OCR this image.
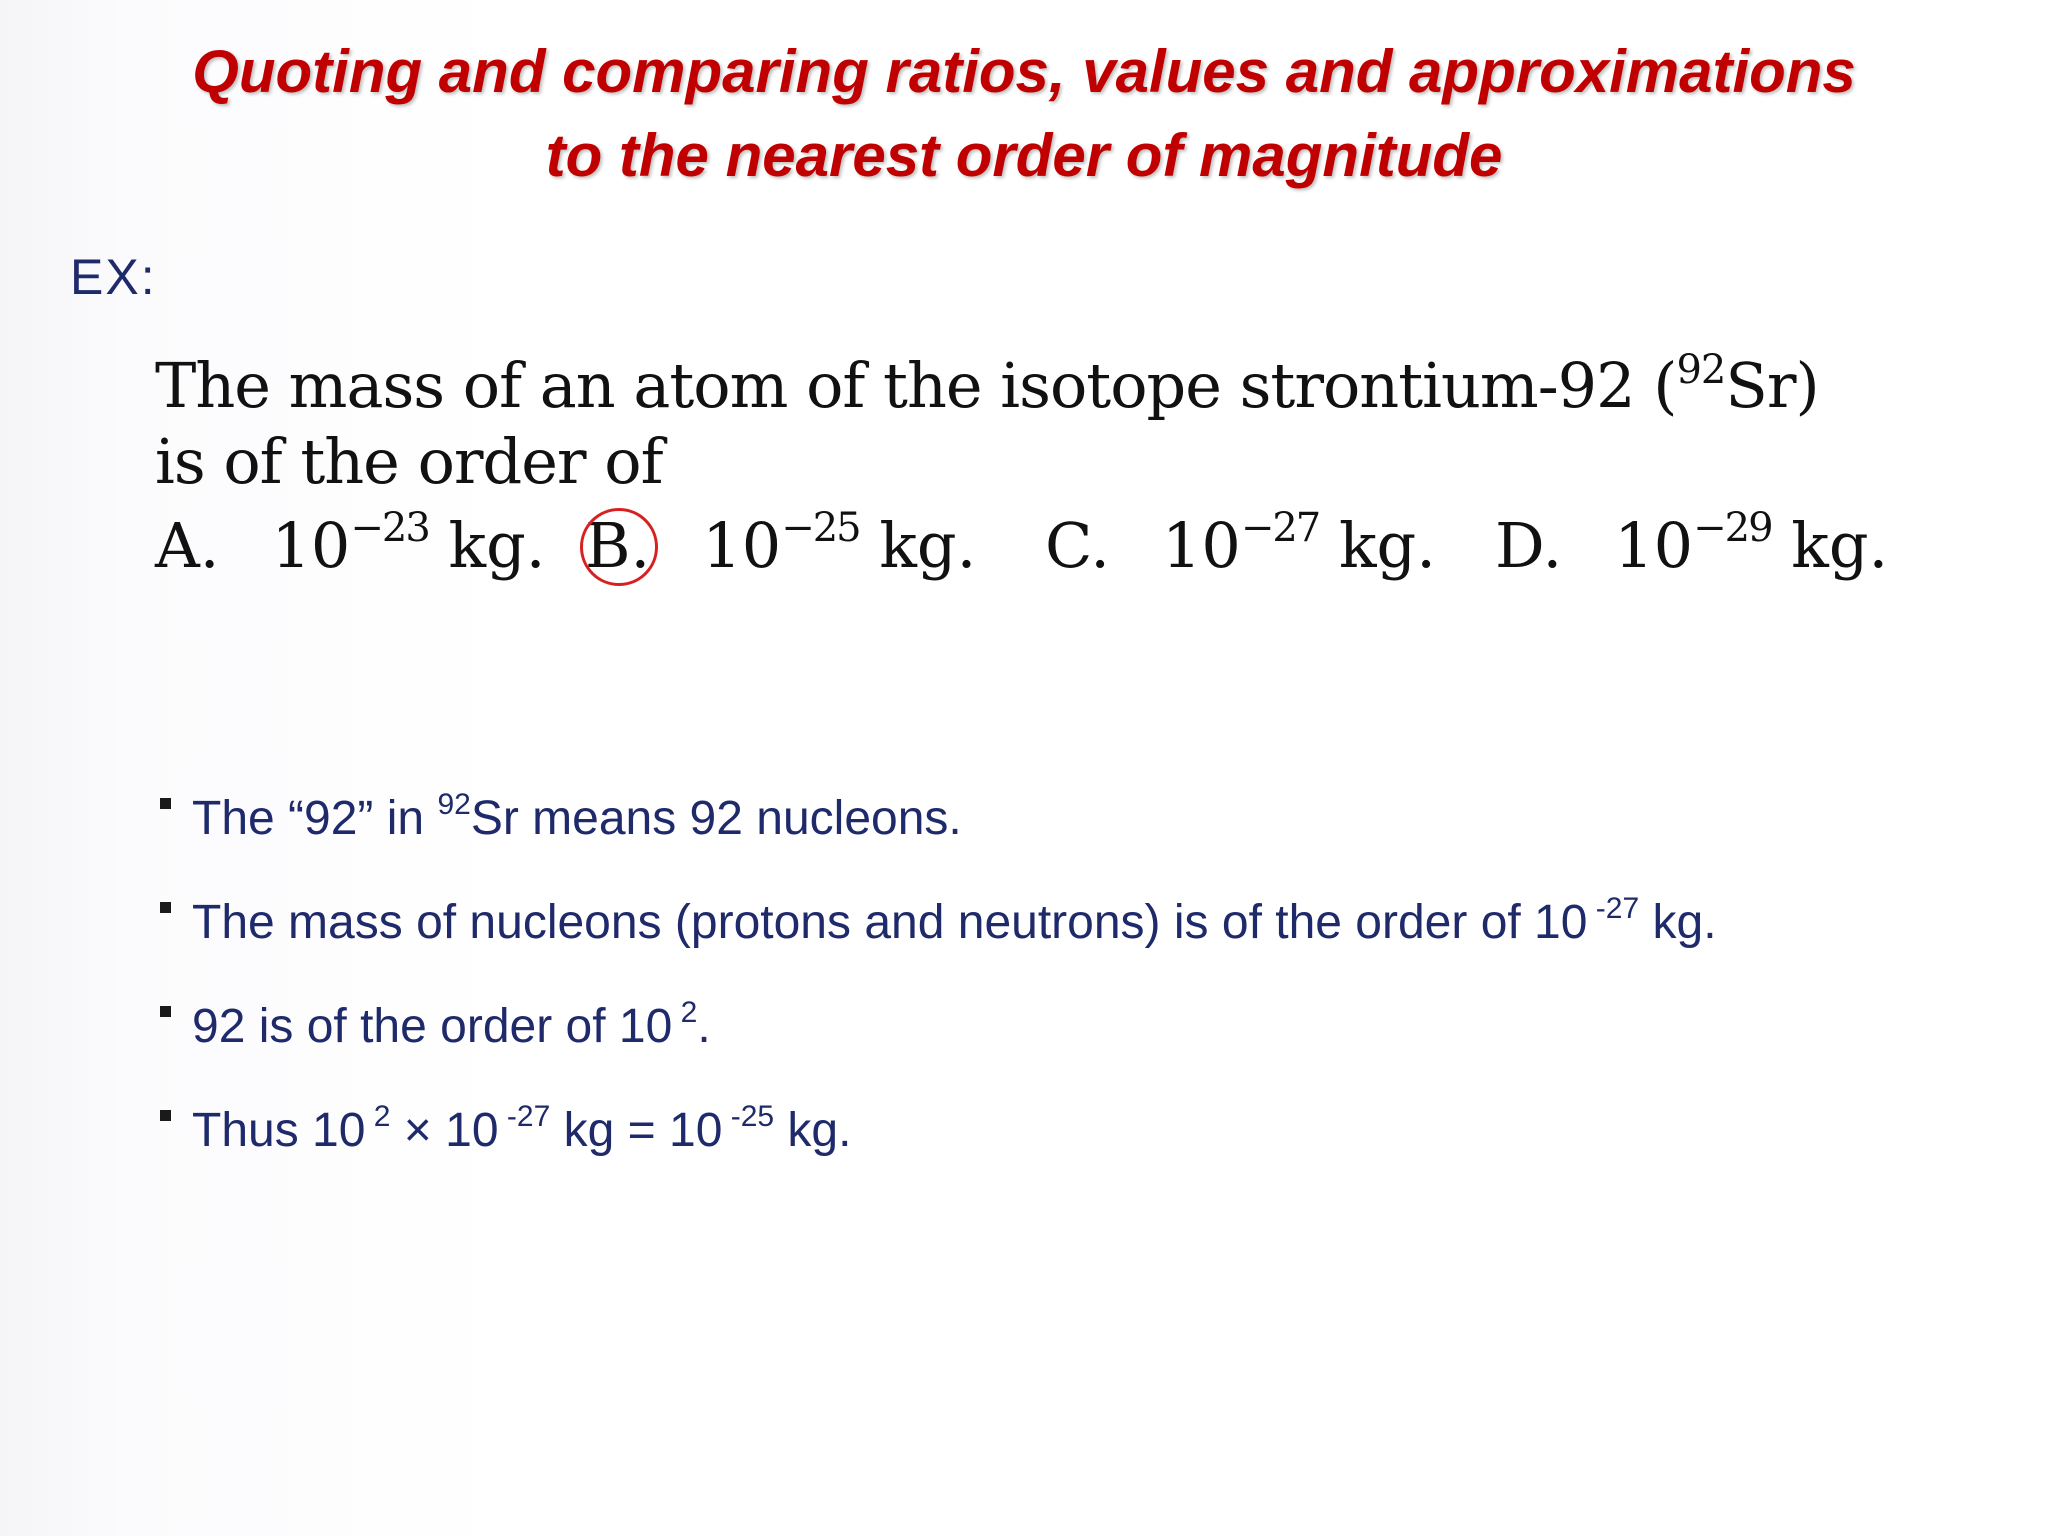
Quoting and comparing ratios, values and approximations
to the nearest order of magnitude
EX:
The mass of an atom of the isotope strontium-92 ($^{92}$Sr)
is of the order of
A. $10^{-23}$ kg. B. $10^{-25}$ kg. C. $10^{-27}$ kg. D. $10^{-29}$ kg.
The “92” in $^{92}$Sr means 92 nucleons.
The mass of nucleons (protons and neutrons) is of the order of 10 $^{-27}$ kg.
92 is of the order of 10 $^2$.
Thus 10 $^2$ × 10 $^{-27}$ kg = 10 $^{-25}$ kg.
